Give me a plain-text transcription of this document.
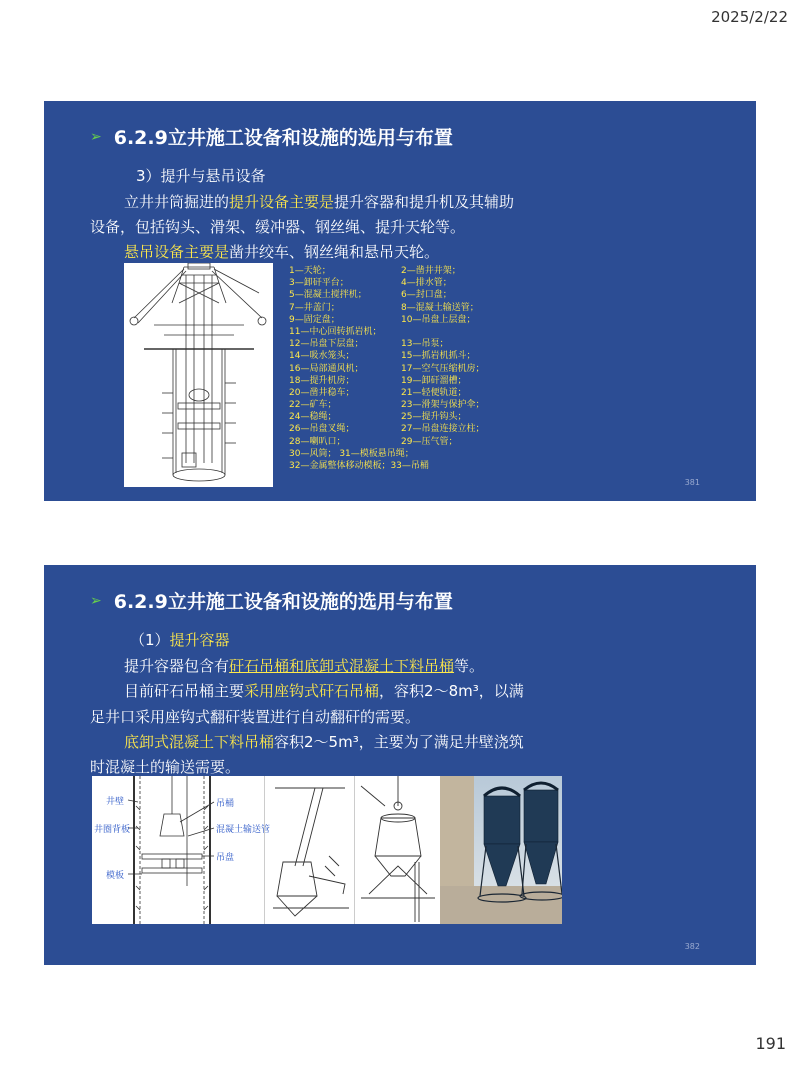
2025/2/22
➢ 6.2.9立井施工设备和设施的选用与布置
3）提升与悬吊设备
立井井筒掘进的提升设备主要是提升容器和提升机及其辅助
设备，包括钩头、滑架、缓冲器、钢丝绳、提升天轮等。
悬吊设备主要是凿井绞车、钢丝绳和悬吊天轮。
1—天轮；	2—凿井井架；
3—卸矸平台；	4—排水管；
5—混凝土搅拌机；	6—封口盘；
7—井盖门；	8—混凝土输送管；
9—固定盘；	10—吊盘上层盘；
11—中心回转抓岩机；
12—吊盘下层盘；	13—吊泵；
14—吸水笼头；	15—抓岩机抓斗；
16—局部通风机；	17—空气压缩机房；
18—提升机房；	19—卸矸溜槽；
20—凿井稳车；	21—轻便轨道；
22—矿车；	23—滑架与保护伞；
24—稳绳；	25—提升钩头；
26—吊盘叉绳；	27—吊盘连接立柱；
28—喇叭口；	29—压气管；
30—风筒； 31—模板悬吊绳；
32—金属整体移动模板；33—吊桶
381
➢ 6.2.9立井施工设备和设施的选用与布置
（1）提升容器
提升容器包含有矸石吊桶和底卸式混凝土下料吊桶等。
目前矸石吊桶主要采用座钩式矸石吊桶，容积2～8m³，以满
足井口采用座钩式翻矸装置进行自动翻矸的需要。
底卸式混凝土下料吊桶容积2～5m³，主要为了满足井壁浇筑
时混凝土的输送需要。
井壁
井圈背板
模板
吊桶
混凝土输送管
吊盘
382
191
